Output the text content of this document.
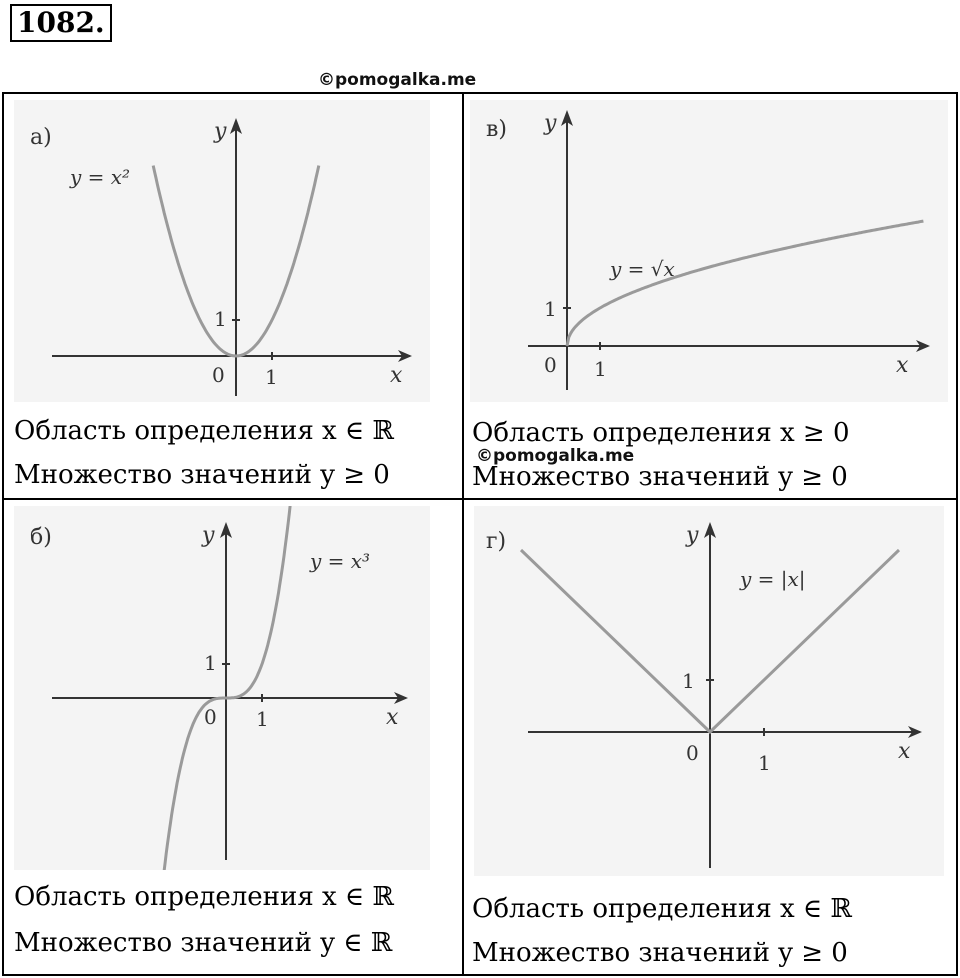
1082.
©pomogalka.me
а)	y
x
0 1
1
y = x²
Область определения x ∈ ℝ
Множество значений y ≥ 0
в) y
x
0 1
1
y = √x
Область определения x ≥ 0
©pomogalka.me
Множество значений y ≥ 0
б)	y
x
0 1
1
y = x³
Область определения x ∈ ℝ
Множество значений y ∈ ℝ
г)	y
x
0	1
1
y = |x|
Область определения x ∈ ℝ
Множество значений y ≥ 0
